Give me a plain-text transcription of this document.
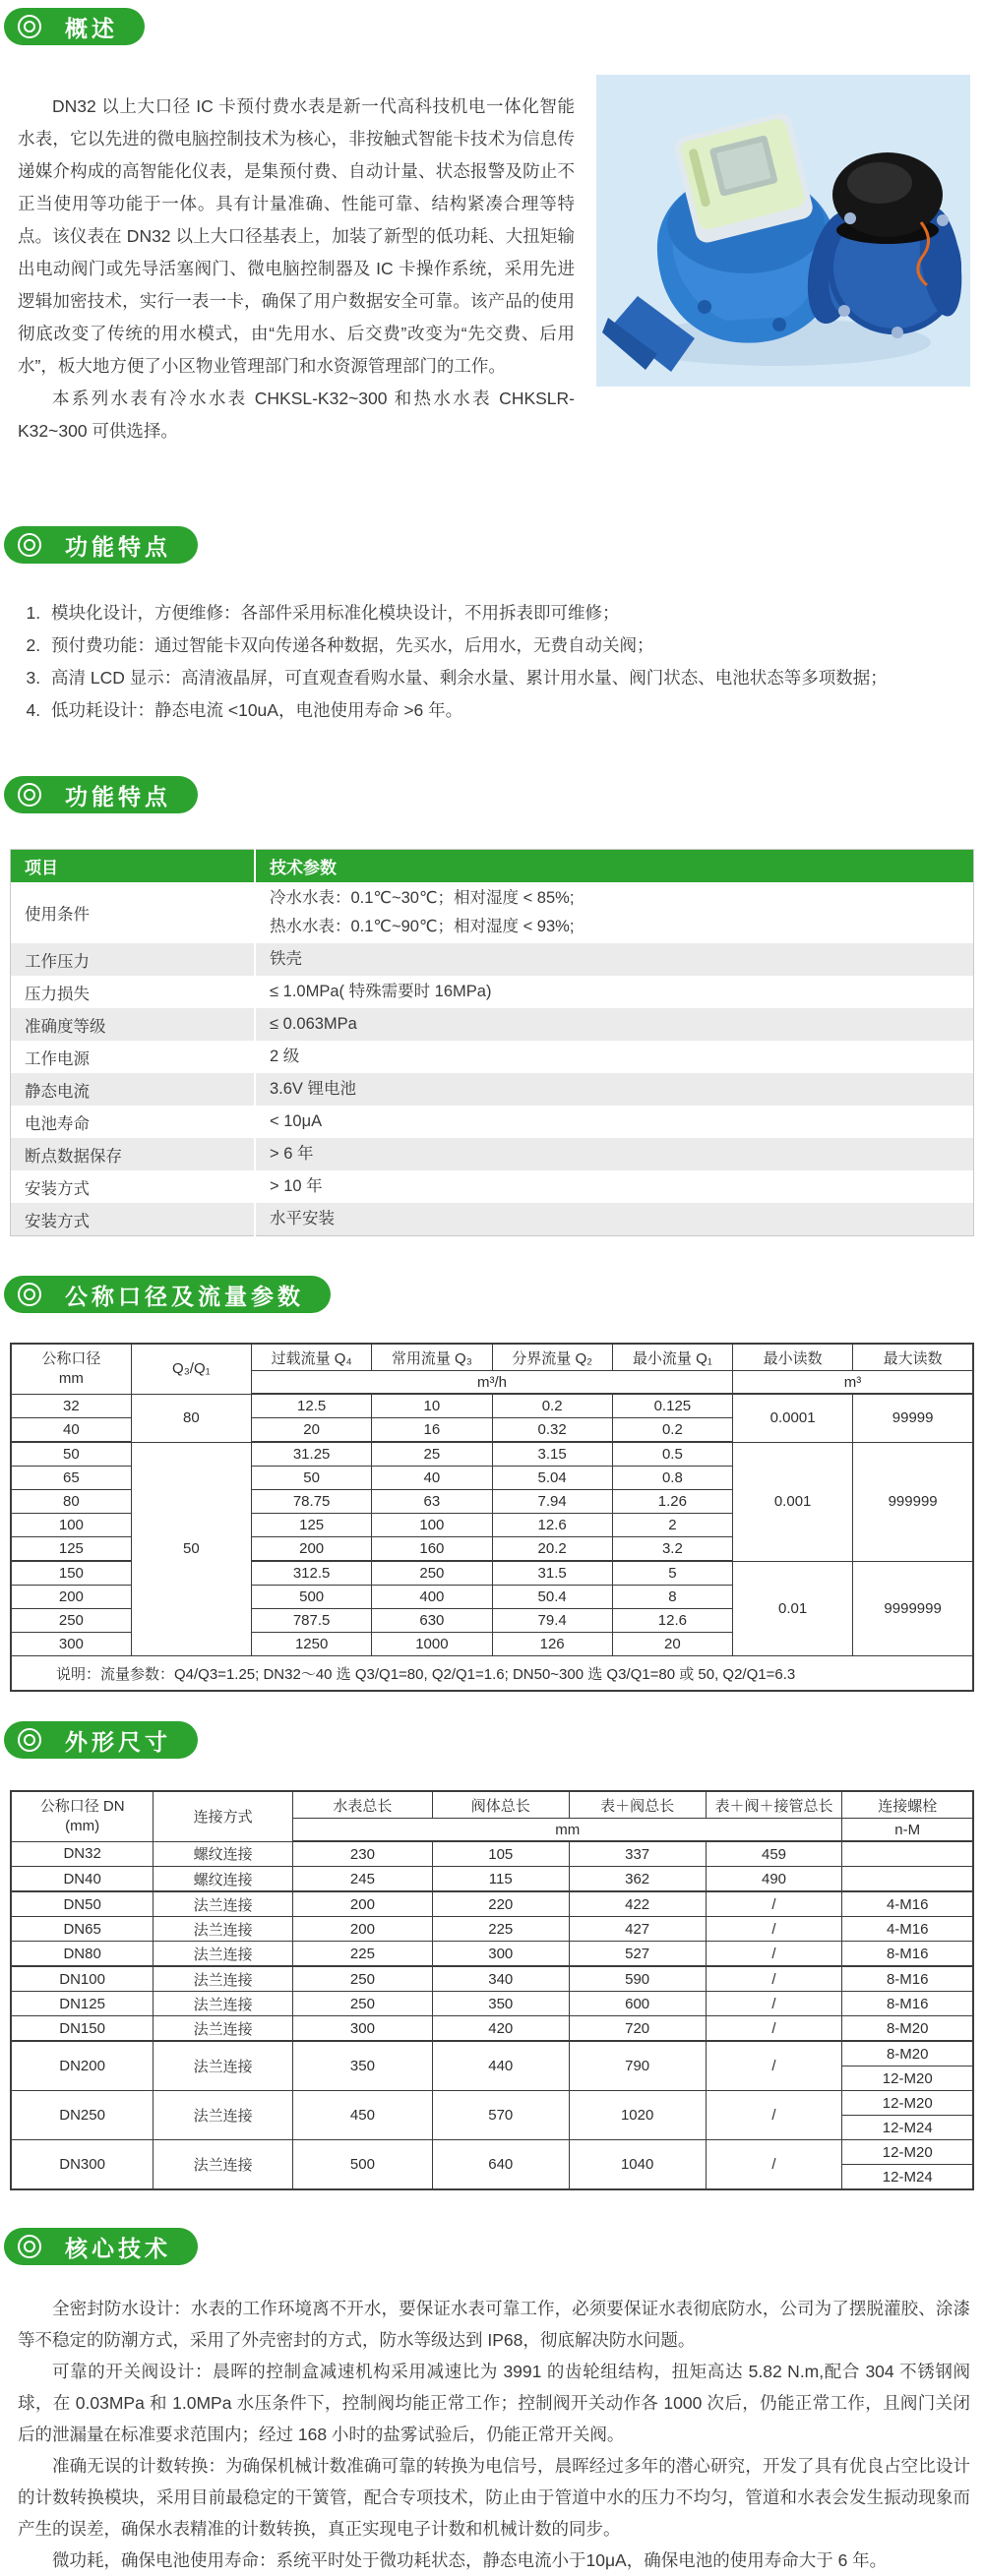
概述

DN32 以上大口径 IC 卡预付费水表是新一代高科技机电一体化智能水表，它以先进的微电脑控制技术为核心，非按触式智能卡技术为信息传递媒介构成的高智能化仪表，是集预付费、自动计量、状态报警及防止不正当使用等功能于一体。具有计量准确、性能可靠、结构紧凑合理等特点。该仪表在 DN32 以上大口径基表上，加装了新型的低功耗、大扭矩输出电动阀门或先导活塞阀门、微电脑控制器及 IC 卡操作系统，采用先进逻辑加密技术，实行一表一卡，确保了用户数据安全可靠。该产品的使用彻底改变了传统的用水模式，由“先用水、后交费”改变为“先交费、后用水”，板大地方便了小区物业管理部门和水资源管理部门的工作。

本系列水表有冷水水表 CHKSL-K32~300 和热水水表 CHKSLR-K32~300 可供选择。

功能特点
1. 模块化设计，方便维修：各部件采用标准化模块设计，不用拆表即可维修；
2. 预付费功能：通过智能卡双向传递各种数据，先买水，后用水，无费自动关阀；
3. 高清 LCD 显示：高清液晶屏，可直观查看购水量、剩余水量、累计用水量、阀门状态、电池状态等多项数据；
4. 低功耗设计：静态电流 <10uA，电池使用寿命 >6 年。
功能特点
项目	技术参数
使用条件	冷水水表：0.1℃~30℃；相对湿度 < 85%;
热水水表：0.1℃~90℃；相对湿度 < 93%;

工作压力	铁壳

压力损失	≤ 1.0MPa( 特殊需要时 16MPa)

准确度等级	≤ 0.063MPa

工作电源	2 级

静态电流	3.6V 锂电池

电池寿命	< 10μA

断点数据保存	> 6 年

安装方式	> 10 年

安装方式	水平安装
公称口径及流量参数
公称口径
mm	Q₃/Q₁	过载流量 Q₄	常用流量 Q₃	分界流量 Q₂	最小流量 Q₁	最小读数	最大读数
		m³/h				m³	
32	80	12.5	10	0.2	0.125	0.0001	99999
40		20	16	0.32	0.2		
50	50	31.25	25	3.15	0.5	0.001	999999
65		50	40	5.04	0.8		
80		78.75	63	7.94	1.26		
100		125	100	12.6	2		
125		200	160	20.2	3.2		
150		312.5	250	31.5	5	0.01	9999999
200		500	400	50.4	8		
250		787.5	630	79.4	12.6		
300		1250	1000	126	20		
说明：流量参数：Q4/Q3=1.25; DN32～40 选 Q3/Q1=80, Q2/Q1=1.6; DN50~300 选 Q3/Q1=80 或 50, Q2/Q1=6.3							
外形尺寸
公称口径 DN
(mm)	连接方式	水表总长	阀体总长	表＋阀总长	表＋阀＋接管总长	连接螺栓
		mm				n-M
DN32	螺纹连接	230	105	337	459	
DN40	螺纹连接	245	115	362	490	
DN50	法兰连接	200	220	422	/	4-M16
DN65	法兰连接	200	225	427	/	4-M16
DN80	法兰连接	225	300	527	/	8-M16
DN100	法兰连接	250	340	590	/	8-M16
DN125	法兰连接	250	350	600	/	8-M16
DN150	法兰连接	300	420	720	/	8-M20
DN200	法兰连接	350	440	790	/	8-M20
						12-M20
DN250	法兰连接	450	570	1020	/	12-M20
						12-M24
DN300	法兰连接	500	640	1040	/	12-M20
						12-M24
核心技术

全密封防水设计：水表的工作环境离不开水，要保证水表可靠工作，必须要保证水表彻底防水，公司为了摆脱灌胶、涂漆等不稳定的防潮方式，采用了外壳密封的方式，防水等级达到 IP68，彻底解决防水问题。

可靠的开关阀设计：晨晖的控制盒减速机构采用减速比为 3991 的齿轮组结构，扭矩高达 5.82 N.m,配合 304 不锈钢阀球，在 0.03MPa 和 1.0MPa 水压条件下，控制阀均能正常工作；控制阀开关动作各 1000 次后，仍能正常工作，且阀门关闭后的泄漏量在标准要求范围内；经过 168 小时的盐雾试验后，仍能正常开关阀。

准确无误的计数转换：为确保机械计数准确可靠的转换为电信号，晨晖经过多年的潜心研究，开发了具有优良占空比设计的计数转换模块，采用目前最稳定的干簧管，配合专项技术，防止由于管道中水的压力不均匀，管道和水表会发生振动现象而产生的误差，确保水表精准的计数转换，真正实现电子计数和机械计数的同步。

微功耗，确保电池使用寿命：系统平时处于微功耗状态，静态电流小于10μA，确保电池的使用寿命大于 6 年。
